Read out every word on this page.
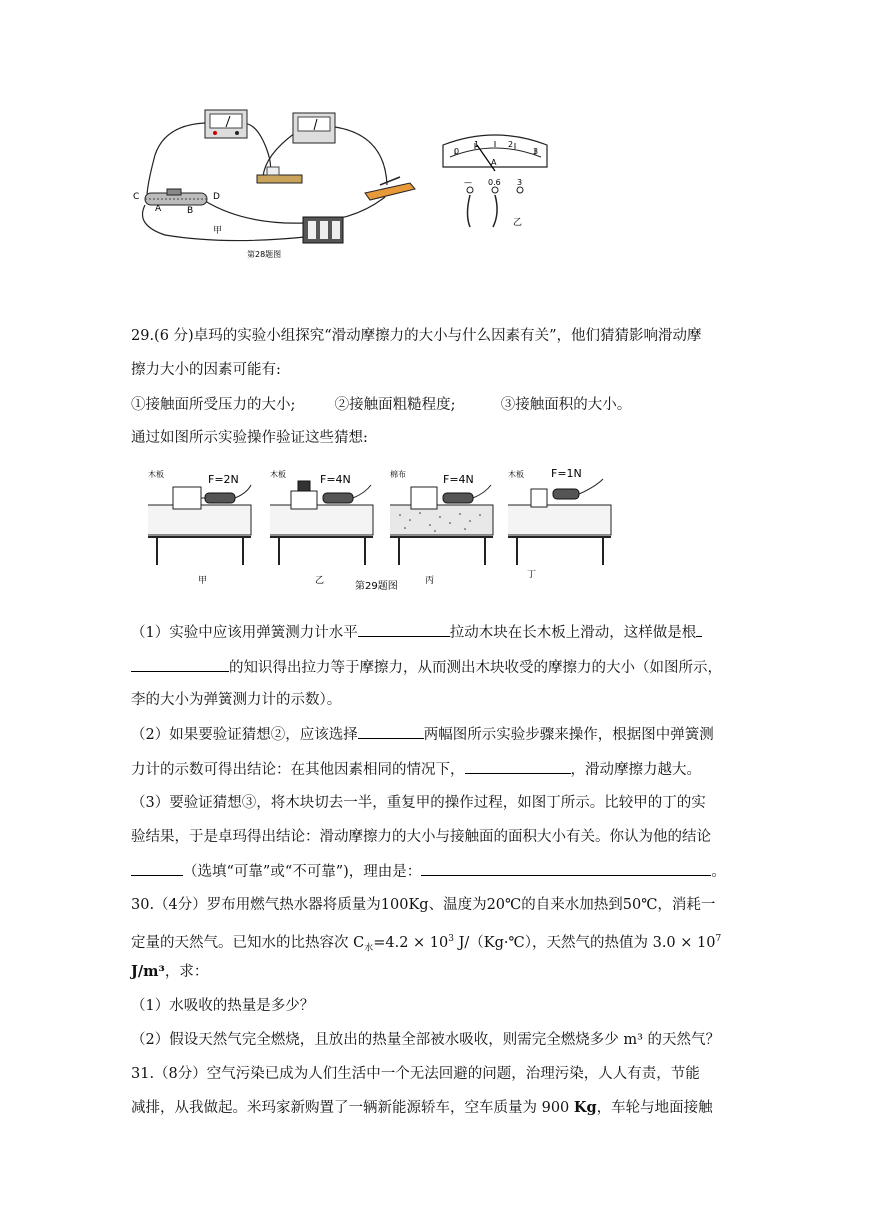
C
A	B
D
甲
第28题图
0
1	2
3
A
— 0.6 3
乙
29.(6 分)卓玛的实验小组探究“滑动摩擦力的大小与什么因素有关”，他们猜猜影响滑动摩
擦力大小的因素可能有:
①接触面所受压力的大小;	②接触面粗糙程度;	③接触面积的大小。
通过如图所示实验操作验证这些猜想:
木板	F=2N
甲
木板	F=4N
乙
棉布	F=4N
丙
木板 F=1N
丁
第29题图
（1）实验中应该用弹簧测力计水平	拉动木块在长木板上滑动，这样做是根
的知识得出拉力等于摩擦力，从而测出木块收受的摩擦力的大小（如图所示，
李的大小为弹簧测力计的示数）。
（2）如果要验证猜想②，应该选择	两幅图所示实验步骤来操作，根据图中弹簧测
力计的示数可得出结论：在其他因素相同的情况下，	，滑动摩擦力越大。
（3）要验证猜想③，将木块切去一半，重复甲的操作过程，如图丁所示。比较甲的丁的实
验结果，于是卓玛得出结论：滑动摩擦力的大小与接触面的面积大小有关。你认为他的结论
（选填“可靠”或“不可靠”)，理由是：	。
30.（4分）罗布用燃气热水器将质量为100Kg、温度为20℃的自来水加热到50℃，消耗一
定量的天然气。已知水的比热容次 $C_水=4.2 \times 10^3$ J/（Kg·℃），天然气的热值为 $3.0 \times 10^7$
J/m³，求：
（1）水吸收的热量是多少？
（2）假设天然气完全燃烧，且放出的热量全部被水吸收，则需完全燃烧多少 m³ 的天然气？
31.（8分）空气污染已成为人们生活中一个无法回避的问题，治理污染，人人有责，节能
减排，从我做起。米玛家新购置了一辆新能源轿车，空车质量为 900 Kg，车轮与地面接触
